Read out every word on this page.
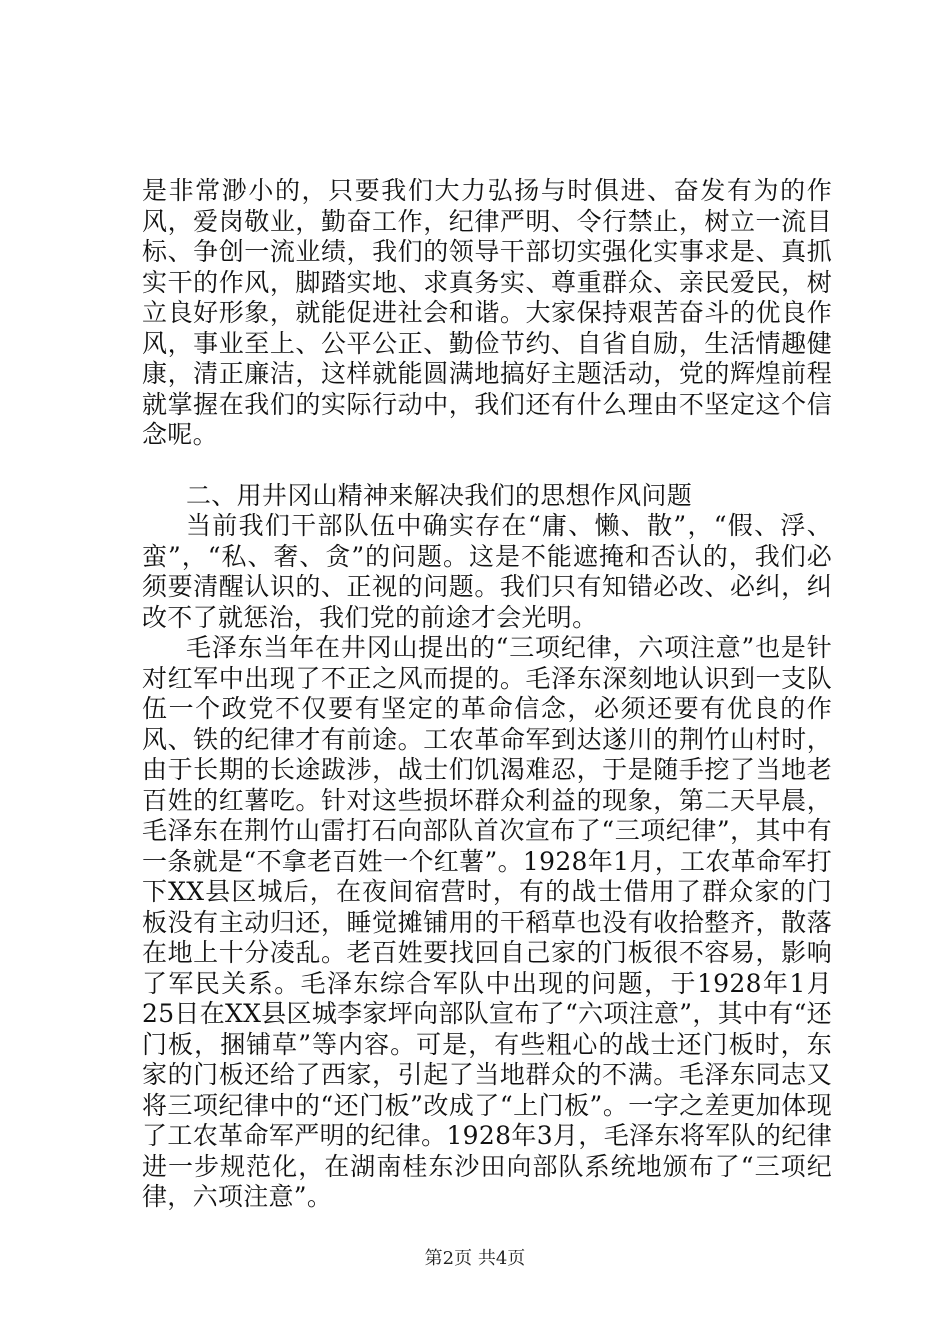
是非常渺小的，只要我们大力弘扬与时俱进、奋发有为的作风，爱岗敬业，勤奋工作，纪律严明、令行禁止，树立一流目标、争创一流业绩，我们的领导干部切实强化实事求是、真抓实干的作风，脚踏实地、求真务实、尊重群众、亲民爱民，树立良好形象，就能促进社会和谐。大家保持艰苦奋斗的优良作风，事业至上、公平公正、勤俭节约、自省自励，生活情趣健康，清正廉洁，这样就能圆满地搞好主题活动，党的辉煌前程就掌握在我们的实际行动中，我们还有什么理由不坚定这个信念呢。

二、用井冈山精神来解决我们的思想作风问题

当前我们干部队伍中确实存在“庸、懒、散”，“假、浮、蛮”，“私、奢、贪”的问题。这是不能遮掩和否认的，我们必须要清醒认识的、正视的问题。我们只有知错必改、必纠，纠改不了就惩治，我们党的前途才会光明。

毛泽东当年在井冈山提出的“三项纪律，六项注意”也是针对红军中出现了不正之风而提的。毛泽东深刻地认识到一支队伍一个政党不仅要有坚定的革命信念，必须还要有优良的作风、铁的纪律才有前途。工农革命军到达遂川的荆竹山村时，由于长期的长途跋涉，战士们饥渴难忍，于是随手挖了当地老百姓的红薯吃。针对这些损坏群众利益的现象，第二天早晨，毛泽东在荆竹山雷打石向部队首次宣布了“三项纪律”，其中有一条就是“不拿老百姓一个红薯”。1928年1月，工农革命军打下XX县区城后，在夜间宿营时，有的战士借用了群众家的门板没有主动归还，睡觉摊铺用的干稻草也没有收拾整齐，散落在地上十分凌乱。老百姓要找回自己家的门板很不容易，影响了军民关系。毛泽东综合军队中出现的问题，于1928年1月25日在XX县区城李家坪向部队宣布了“六项注意”，其中有“还门板，捆铺草”等内容。可是，有些粗心的战士还门板时，东家的门板还给了西家，引起了当地群众的不满。毛泽东同志又将三项纪律中的“还门板”改成了“上门板”。一字之差更加体现了工农革命军严明的纪律。1928年3月，毛泽东将军队的纪律进一步规范化，在湖南桂东沙田向部队系统地颁布了“三项纪律，六项注意”。

第2页 共4页
